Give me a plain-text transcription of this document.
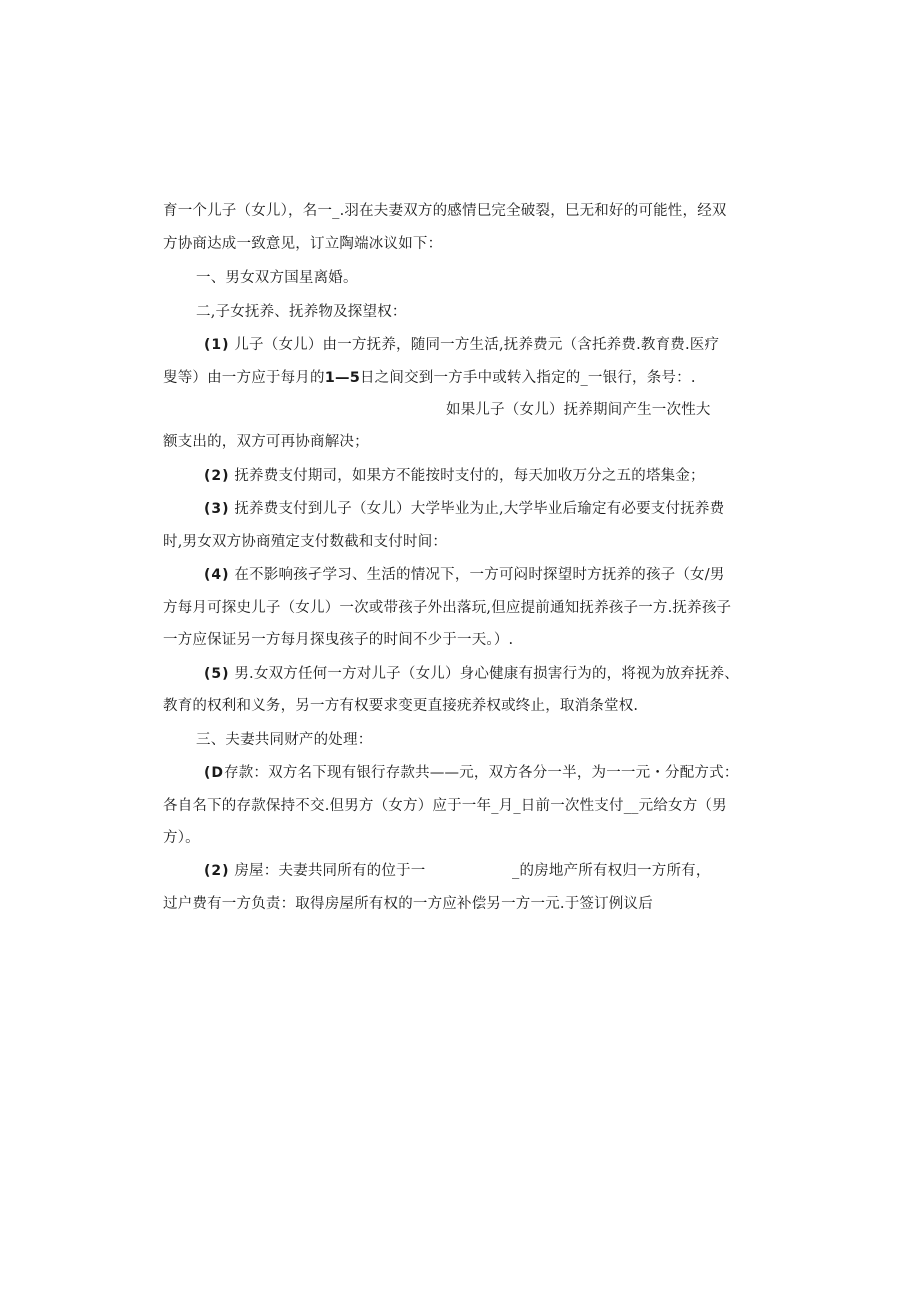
育一个儿子（女儿），名一_.羽在夫妻双方的感情巳完全破裂，巳无和好的可能性，经双
方协商达成一致意见，订立陶端冰议如下：
一、男女双方国星离婚。
二,子女抚养、抚养物及探望权：
(1) 儿子（女儿）由一方抚养，随同一方生活,抚养费元（含托养费.教育费.医疗
叟等）由一方应于每月的1—5日之间交到一方手中或转入指定的_一银行，条号：.
如果儿子（女儿）抚养期间产生一次性大
额支出的，双方可再协商解决；
(2) 抚养费支付期司，如果方不能按时支付的，每天加收万分之五的塔集金；
(3) 抚养费支付到儿子（女儿）大学毕业为止,大学毕业后瑜定有必要支付抚养费
时,男女双方协商殖定支付数截和支付时间：
(4) 在不影响孩孑学习、生活的情况下，一方可闷时探望时方抚养的孩子（女/男
方每月可探史儿子（女儿）一次或带孩子外出落玩,但应提前通知抚养孩子一方.抚养孩子
一方应保证另一方每月探曳孩子的时间不少于一天。）.
(5) 男.女双方任何一方对儿子（女儿）身心健康有损害行为的，将视为放弃抚养、
教育的权利和义务，另一方有权要求变更直接疣养权或终止，取消条堂权.
三、夫妻共同财产的处理：
(D存款：双方名下现有银行存款共——元，双方各分一半，为一一元・分配方式：
各自名下的存款保持不交.但男方（女方）应于一年_月_日前一次性支付__元给女方（男
方）。
(2) 房屋：夫妻共同所有的位于一	_的房地产所有权归一方所有，
过户费有一方负责：取得房屋所有权的一方应补偿另一方一元.于签订例议后
